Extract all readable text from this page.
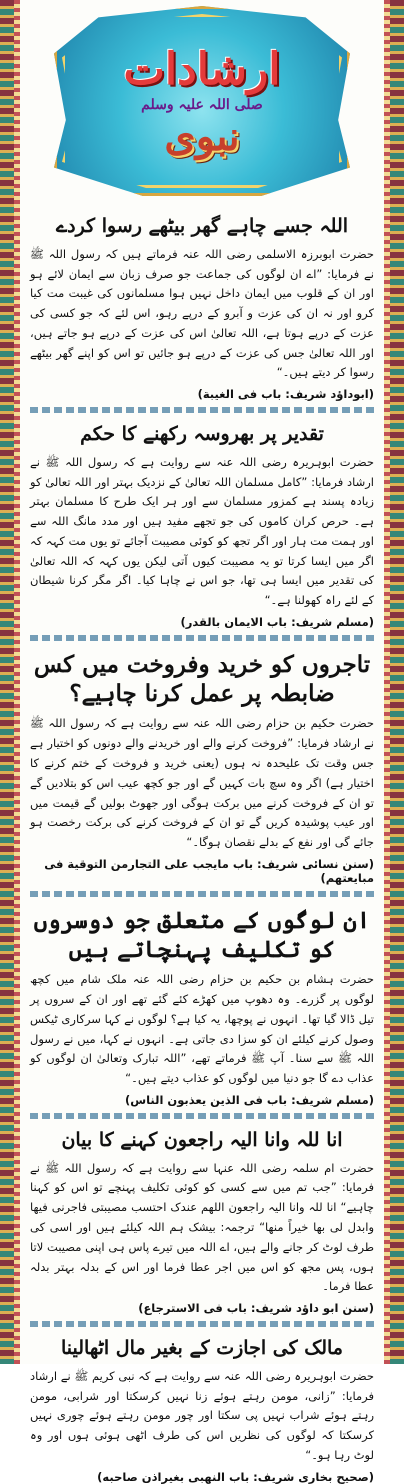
ارشادات
صلی اللہ علیہ وسلم
نبوی
اللہ جسے چاہے گھر بیٹھے رسوا کردے

حضرت ابوبرزہ الاسلمی رضی اللہ عنہ فرماتے ہیں کہ رسول اللہ ﷺ نے فرمایا: ”اے ان لوگوں کی جماعت جو صرف زبان سے ایمان لائے ہو اور ان کے قلوب میں ایمان داخل نہیں ہوا مسلمانوں کی غیبت مت کیا کرو اور نہ ان کی عزت و آبرو کے درپے رہو، اس لئے کہ جو کسی کی عزت کے درپے ہوتا ہے، اللہ تعالیٰ اس کی عزت کے درپے ہو جاتے ہیں، اور اللہ تعالیٰ جس کی عزت کے درپے ہو جائیں تو اس کو اپنے گھر بیٹھے رسوا کر دیتے ہیں۔“

(ابوداؤد شریف: باب فی الغیبة)
تقدیر پر بھروسہ رکھنے کا حکم

حضرت ابوہریرہ رضی اللہ عنہ سے روایت ہے کہ رسول اللہ ﷺ نے ارشاد فرمایا: ”کامل مسلمان اللہ تعالیٰ کے نزدیک بہتر اور اللہ تعالیٰ کو زیادہ پسند ہے کمزور مسلمان سے اور ہر ایک طرح کا مسلمان بہتر ہے۔ حرص کران کاموں کی جو تجھے مفید ہیں اور مدد مانگ اللہ سے اور ہمت مت ہار اور اگر تجھ کو کوئی مصیبت آجائے تو یوں مت کہہ کہ اگر میں ایسا کرتا تو یہ مصیبت کیوں آتی لیکن یوں کہہ کہ اللہ تعالیٰ کی تقدیر میں ایسا ہی تھا، جو اس نے چاہا کیا۔ اگر مگر کرنا شیطان کے لئے راہ کھولنا ہے۔“

(مسلم شریف: باب الایمان بالقدر)
تاجروں کو خرید وفروخت میں کس ضابطہ پر عمل کرنا چاہیے؟

حضرت حکیم بن حزام رضی اللہ عنہ سے روایت ہے کہ رسول اللہ ﷺ نے ارشاد فرمایا: ”فروخت کرنے والے اور خریدنے والے دونوں کو اختیار ہے جس وقت تک علیحدہ نہ ہوں (یعنی خرید و فروخت کے ختم کرنے کا اختیار ہے) اگر وہ سچ بات کہیں گے اور جو کچھ عیب اس کو بتلادیں گے تو ان کے فروخت کرنے میں برکت ہوگی اور جھوٹ بولیں گے قیمت میں اور عیب پوشیدہ کریں گے تو ان کے فروخت کرنے کی برکت رخصت ہو جائے گی اور نفع کے بدلے نقصان ہوگا۔“

(سنن نسائی شریف: باب مایجب علی التجارمن التوقیة فی مبایعتھم)
ان لوگوں کے متعلق جو دوسروں کو تکلیف پہنچاتے ہیں

حضرت ہشام بن حکیم بن حزام رضی اللہ عنہ ملک شام میں کچھ لوگوں پر گزرے۔ وہ دھوپ میں کھڑے کئے گئے تھے اور ان کے سروں پر تیل ڈالا گیا تھا۔ انہوں نے پوچھا، یہ کیا ہے؟ لوگوں نے کہا سرکاری ٹیکس وصول کرنے کیلئے ان کو سزا دی جاتی ہے۔ انہوں نے کہا، میں نے رسول اللہ ﷺ سے سنا۔ آپ ﷺ فرماتے تھے، ”اللہ تبارک وتعالیٰ ان لوگوں کو عذاب دے گا جو دنیا میں لوگوں کو عذاب دیتے ہیں۔“

(مسلم شریف: باب فی الذین یعذبون الناس)
انا للہ وانا الیہ راجعون کہنے کا بیان

حضرت ام سلمہ رضی اللہ عنہا سے روایت ہے کہ رسول اللہ ﷺ نے فرمایا: ”جب تم میں سے کسی کو کوئی تکلیف پہنچے تو اس کو کہنا چاہیے“ انا للہ وانا الیہ راجعون اللھم عندک احتسب مصیبتی فاجرنی فیھا وابدل لی بھا خیراً منھا“ ترجمہ: بیشک ہم اللہ کیلئے ہیں اور اسی کی طرف لوٹ کر جانے والے ہیں، اے اللہ میں تیرے پاس ہی اپنی مصیبت لاتا ہوں، پس مجھ کو اس میں اجر عطا فرما اور اس کے بدلہ بہتر بدلہ عطا فرما۔

(سنن ابو داؤد شریف: باب فی الاسترجاع)
مالک کی اجازت کے بغیر مال اٹھالینا

حضرت ابوہریرہ رضی اللہ عنہ سے روایت ہے کہ نبی کریم ﷺ نے ارشاد فرمایا: ”زانی، مومن رہتے ہوئے زنا نہیں کرسکتا اور شرابی، مومن رہتے ہوئے شراب نہیں پی سکتا اور چور مومن رہتے ہوئے چوری نہیں کرسکتا کہ لوگوں کی نظریں اس کی طرف اٹھی ہوئی ہوں اور وہ لوٹ رہا ہو۔“

(صحیح بخاری شریف: باب النھبی بغیراذن صاحبه)
